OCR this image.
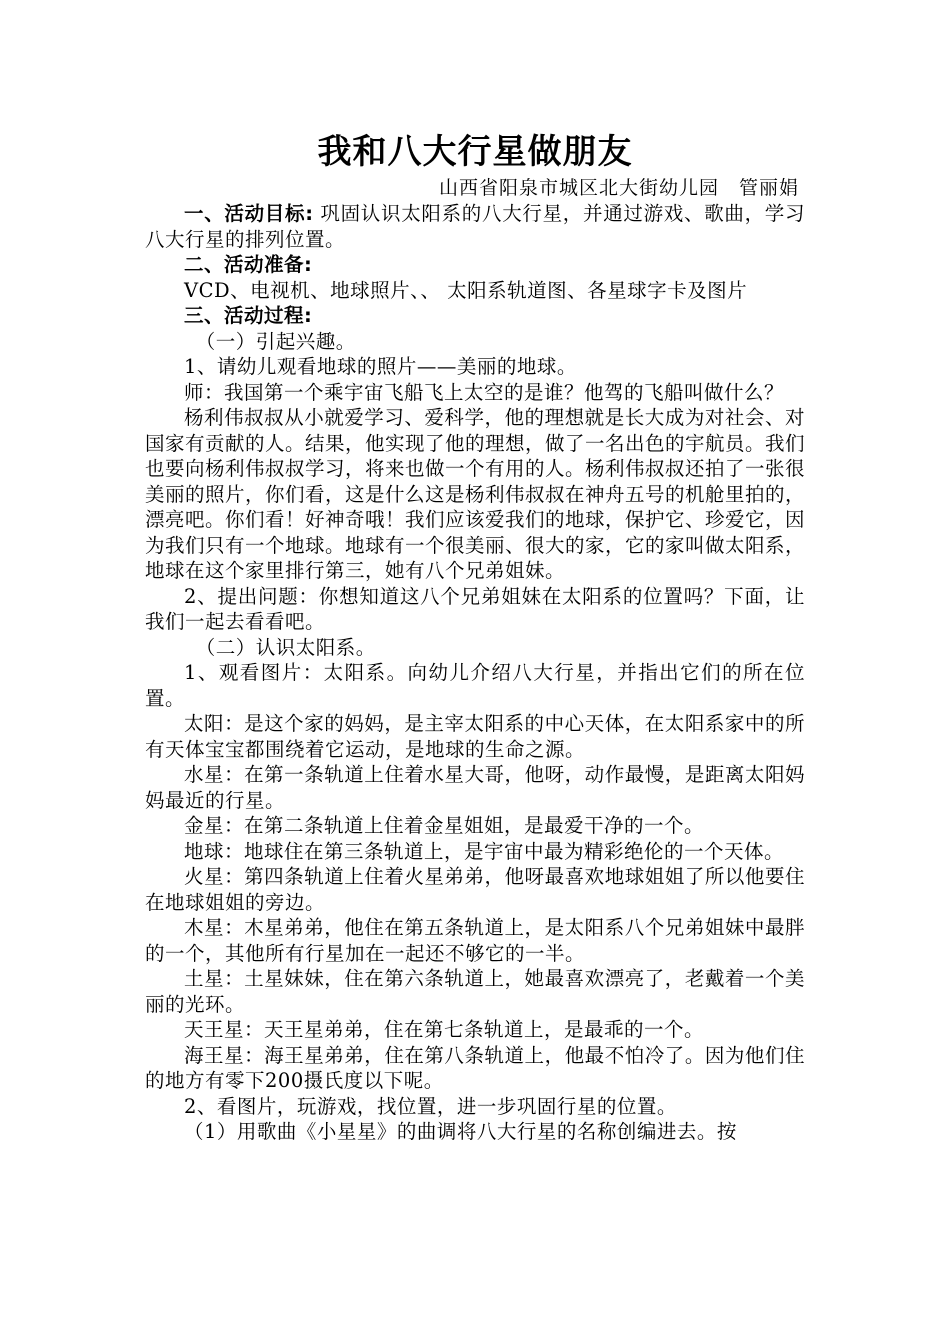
我和八大行星做朋友
山西省阳泉市城区北大街幼儿园　管丽娟

一、活动目标: 巩固认识太阳系的八大行星，并通过游戏、歌曲，学习八大行星的排列位置。

二、活动准备:

VCD、电视机、地球照片、、 太阳系轨道图、各星球字卡及图片

三、活动过程:

（一）引起兴趣。

1、请幼儿观看地球的照片——美丽的地球。

师：我国第一个乘宇宙飞船飞上太空的是谁？他驾的飞船叫做什么？

杨利伟叔叔从小就爱学习、爱科学，他的理想就是长大成为对社会、对国家有贡献的人。结果，他实现了他的理想，做了一名出色的宇航员。我们也要向杨利伟叔叔学习，将来也做一个有用的人。杨利伟叔叔还拍了一张很美丽的照片，你们看，这是什么这是杨利伟叔叔在神舟五号的机舱里拍的，漂亮吧。你们看！好神奇哦！我们应该爱我们的地球，保护它、珍爱它，因为我们只有一个地球。地球有一个很美丽、很大的家，它的家叫做太阳系，地球在这个家里排行第三，她有八个兄弟姐妹。

2、提出问题：你想知道这八个兄弟姐妹在太阳系的位置吗？下面，让我们一起去看看吧。

（二）认识太阳系。

1、观看图片：太阳系。向幼儿介绍八大行星，并指出它们的所在位置。

太阳：是这个家的妈妈，是主宰太阳系的中心天体，在太阳系家中的所有天体宝宝都围绕着它运动，是地球的生命之源。

水星：在第一条轨道上住着水星大哥，他呀，动作最慢，是距离太阳妈妈最近的行星。

金星：在第二条轨道上住着金星姐姐，是最爱干净的一个。

地球：地球住在第三条轨道上，是宇宙中最为精彩绝伦的一个天体。

火星：第四条轨道上住着火星弟弟，他呀最喜欢地球姐姐了所以他要住在地球姐姐的旁边。

木星：木星弟弟，他住在第五条轨道上，是太阳系八个兄弟姐妹中最胖的一个，其他所有行星加在一起还不够它的一半。

土星：土星妹妹，住在第六条轨道上，她最喜欢漂亮了，老戴着一个美丽的光环。

天王星：天王星弟弟，住在第七条轨道上，是最乖的一个。

海王星：海王星弟弟，住在第八条轨道上，他最不怕冷了。因为他们住的地方有零下200摄氏度以下呢。

2、看图片，玩游戏，找位置，进一步巩固行星的位置。

（1）用歌曲《小星星》的曲调将八大行星的名称创编进去。按
